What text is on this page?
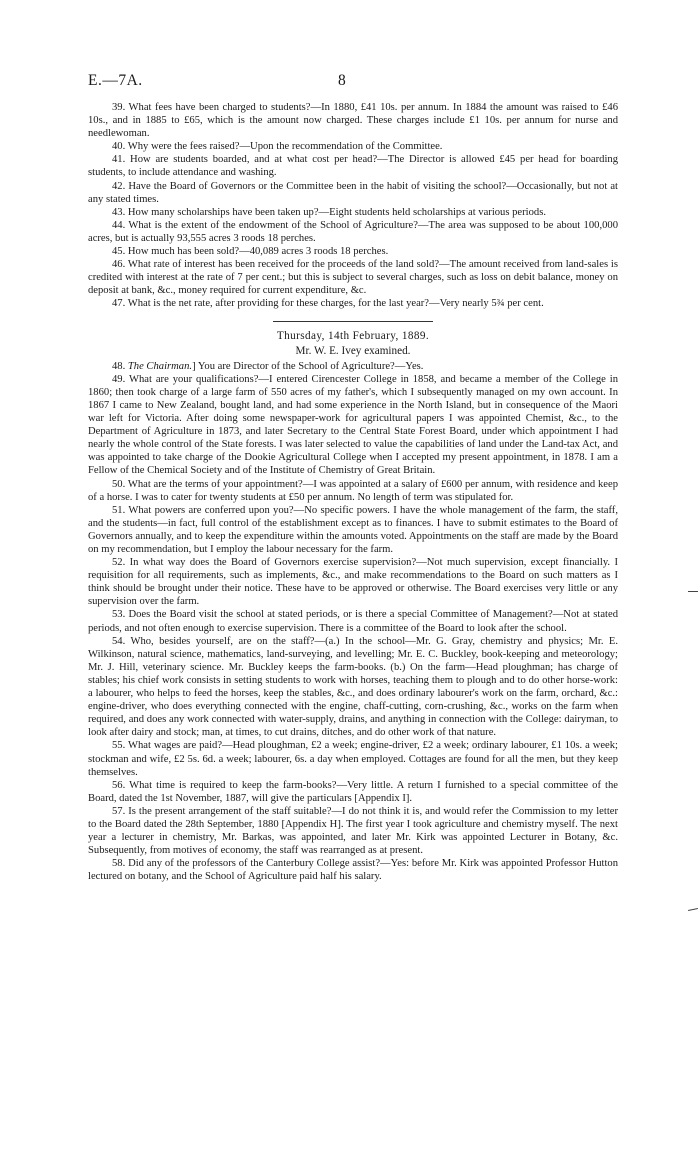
E.—7A.	8

39. What fees have been charged to students?—In 1880, £41 10s. per annum. In 1884 the amount was raised to £46 10s., and in 1885 to £65, which is the amount now charged. These charges include £1 10s. per annum for nurse and needlewoman.

40. Why were the fees raised?—Upon the recommendation of the Committee.

41. How are students boarded, and at what cost per head?—The Director is allowed £45 per head for boarding students, to include attendance and washing.

42. Have the Board of Governors or the Committee been in the habit of visiting the school?—Occasionally, but not at any stated times.

43. How many scholarships have been taken up?—Eight students held scholarships at various periods.

44. What is the extent of the endowment of the School of Agriculture?—The area was supposed to be about 100,000 acres, but is actually 93,555 acres 3 roods 18 perches.

45. How much has been sold?—40,089 acres 3 roods 18 perches.

46. What rate of interest has been received for the proceeds of the land sold?—The amount received from land-sales is credited with interest at the rate of 7 per cent.; but this is subject to several charges, such as loss on debit balance, money on deposit at bank, &c., money required for current expenditure, &c.

47. What is the net rate, after providing for these charges, for the last year?—Very nearly 5¾ per cent.

Thursday, 14th February, 1889.

Mr. W. E. Ivey examined.

48. The Chairman.] You are Director of the School of Agriculture?—Yes.

49. What are your qualifications?—I entered Cirencester College in 1858, and became a member of the College in 1860; then took charge of a large farm of 550 acres of my father's, which I subsequently managed on my own account. In 1867 I came to New Zealand, bought land, and had some experience in the North Island, but in consequence of the Maori war left for Victoria. After doing some newspaper-work for agricultural papers I was appointed Chemist, &c., to the Department of Agriculture in 1873, and later Secretary to the Central State Forest Board, under which appointment I had nearly the whole control of the State forests. I was later selected to value the capabilities of land under the Land-tax Act, and was appointed to take charge of the Dookie Agricultural College when I accepted my present appointment, in 1878. I am a Fellow of the Chemical Society and of the Institute of Chemistry of Great Britain.

50. What are the terms of your appointment?—I was appointed at a salary of £600 per annum, with residence and keep of a horse. I was to cater for twenty students at £50 per annum. No length of term was stipulated for.

51. What powers are conferred upon you?—No specific powers. I have the whole management of the farm, the staff, and the students—in fact, full control of the establishment except as to finances. I have to submit estimates to the Board of Governors annually, and to keep the expenditure within the amounts voted. Appointments on the staff are made by the Board on my recommendation, but I employ the labour necessary for the farm.

52. In what way does the Board of Governors exercise supervision?—Not much supervision, except financially. I requisition for all requirements, such as implements, &c., and make recommendations to the Board on such matters as I think should be brought under their notice. These have to be approved or otherwise. The Board exercises very little or any supervision over the farm.

53. Does the Board visit the school at stated periods, or is there a special Committee of Management?—Not at stated periods, and not often enough to exercise supervision. There is a committee of the Board to look after the school.

54. Who, besides yourself, are on the staff?—(a.) In the school—Mr. G. Gray, chemistry and physics; Mr. E. Wilkinson, natural science, mathematics, land-surveying, and levelling; Mr. E. C. Buckley, book-keeping and meteorology; Mr. J. Hill, veterinary science. Mr. Buckley keeps the farm-books. (b.) On the farm—Head ploughman; has charge of stables; his chief work consists in setting students to work with horses, teaching them to plough and to do other horse-work: a labourer, who helps to feed the horses, keep the stables, &c., and does ordinary labourer's work on the farm, orchard, &c.: engine-driver, who does everything connected with the engine, chaff-cutting, corn-crushing, &c., works on the farm when required, and does any work connected with water-supply, drains, and anything in connection with the College: dairyman, to look after dairy and stock; man, at times, to cut drains, ditches, and do other work of that nature.

55. What wages are paid?—Head ploughman, £2 a week; engine-driver, £2 a week; ordinary labourer, £1 10s. a week; stockman and wife, £2 5s. 6d. a week; labourer, 6s. a day when employed. Cottages are found for all the men, but they keep themselves.

56. What time is required to keep the farm-books?—Very little. A return I furnished to a special committee of the Board, dated the 1st November, 1887, will give the particulars [Appendix I].

57. Is the present arrangement of the staff suitable?—I do not think it is, and would refer the Commission to my letter to the Board dated the 28th September, 1880 [Appendix H]. The first year I took agriculture and chemistry myself. The next year a lecturer in chemistry, Mr. Barkas, was appointed, and later Mr. Kirk was appointed Lecturer in Botany, &c. Subsequently, from motives of economy, the staff was rearranged as at present.

58. Did any of the professors of the Canterbury College assist?—Yes: before Mr. Kirk was appointed Professor Hutton lectured on botany, and the School of Agriculture paid half his salary.
